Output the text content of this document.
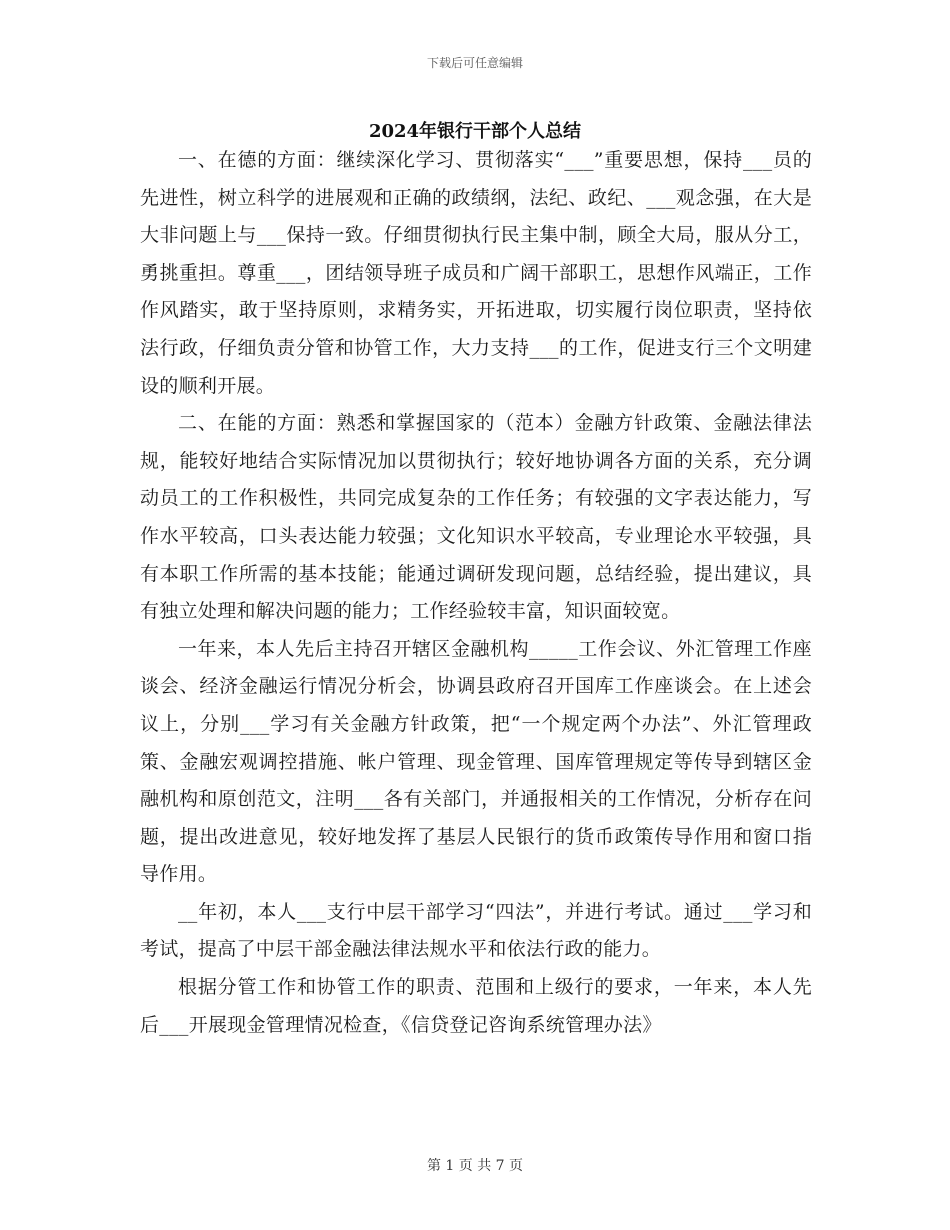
下载后可任意编辑
2024年银行干部个人总结

一、在德的方面：继续深化学习、贯彻落实“___”重要思想，保持___员的先进性，树立科学的进展观和正确的政绩纲，法纪、政纪、___观念强，在大是大非问题上与___保持一致。仔细贯彻执行民主集中制，顾全大局，服从分工，勇挑重担。尊重___，团结领导班子成员和广阔干部职工，思想作风端正，工作作风踏实，敢于坚持原则，求精务实，开拓进取，切实履行岗位职责，坚持依法行政，仔细负责分管和协管工作，大力支持___的工作，促进支行三个文明建设的顺利开展。

二、在能的方面：熟悉和掌握国家的（范本）金融方针政策、金融法律法规，能较好地结合实际情况加以贯彻执行；较好地协调各方面的关系，充分调动员工的工作积极性，共同完成复杂的工作任务；有较强的文字表达能力，写作水平较高，口头表达能力较强；文化知识水平较高，专业理论水平较强，具有本职工作所需的基本技能；能通过调研发现问题，总结经验，提出建议，具有独立处理和解决问题的能力；工作经验较丰富，知识面较宽。

一年来，本人先后主持召开辖区金融机构_____工作会议、外汇管理工作座谈会、经济金融运行情况分析会，协调县政府召开国库工作座谈会。在上述会议上，分别___学习有关金融方针政策，把“一个规定两个办法”、外汇管理政策、金融宏观调控措施、帐户管理、现金管理、国库管理规定等传导到辖区金融机构和原创范文，注明___各有关部门，并通报相关的工作情况，分析存在问题，提出改进意见，较好地发挥了基层人民银行的货币政策传导作用和窗口指导作用。

__年初，本人___支行中层干部学习“四法”，并进行考试。通过___学习和考试，提高了中层干部金融法律法规水平和依法行政的能力。

根据分管工作和协管工作的职责、范围和上级行的要求，一年来，本人先后___开展现金管理情况检查，《信贷登记咨询系统管理办法》

第 1 页 共 7 页
